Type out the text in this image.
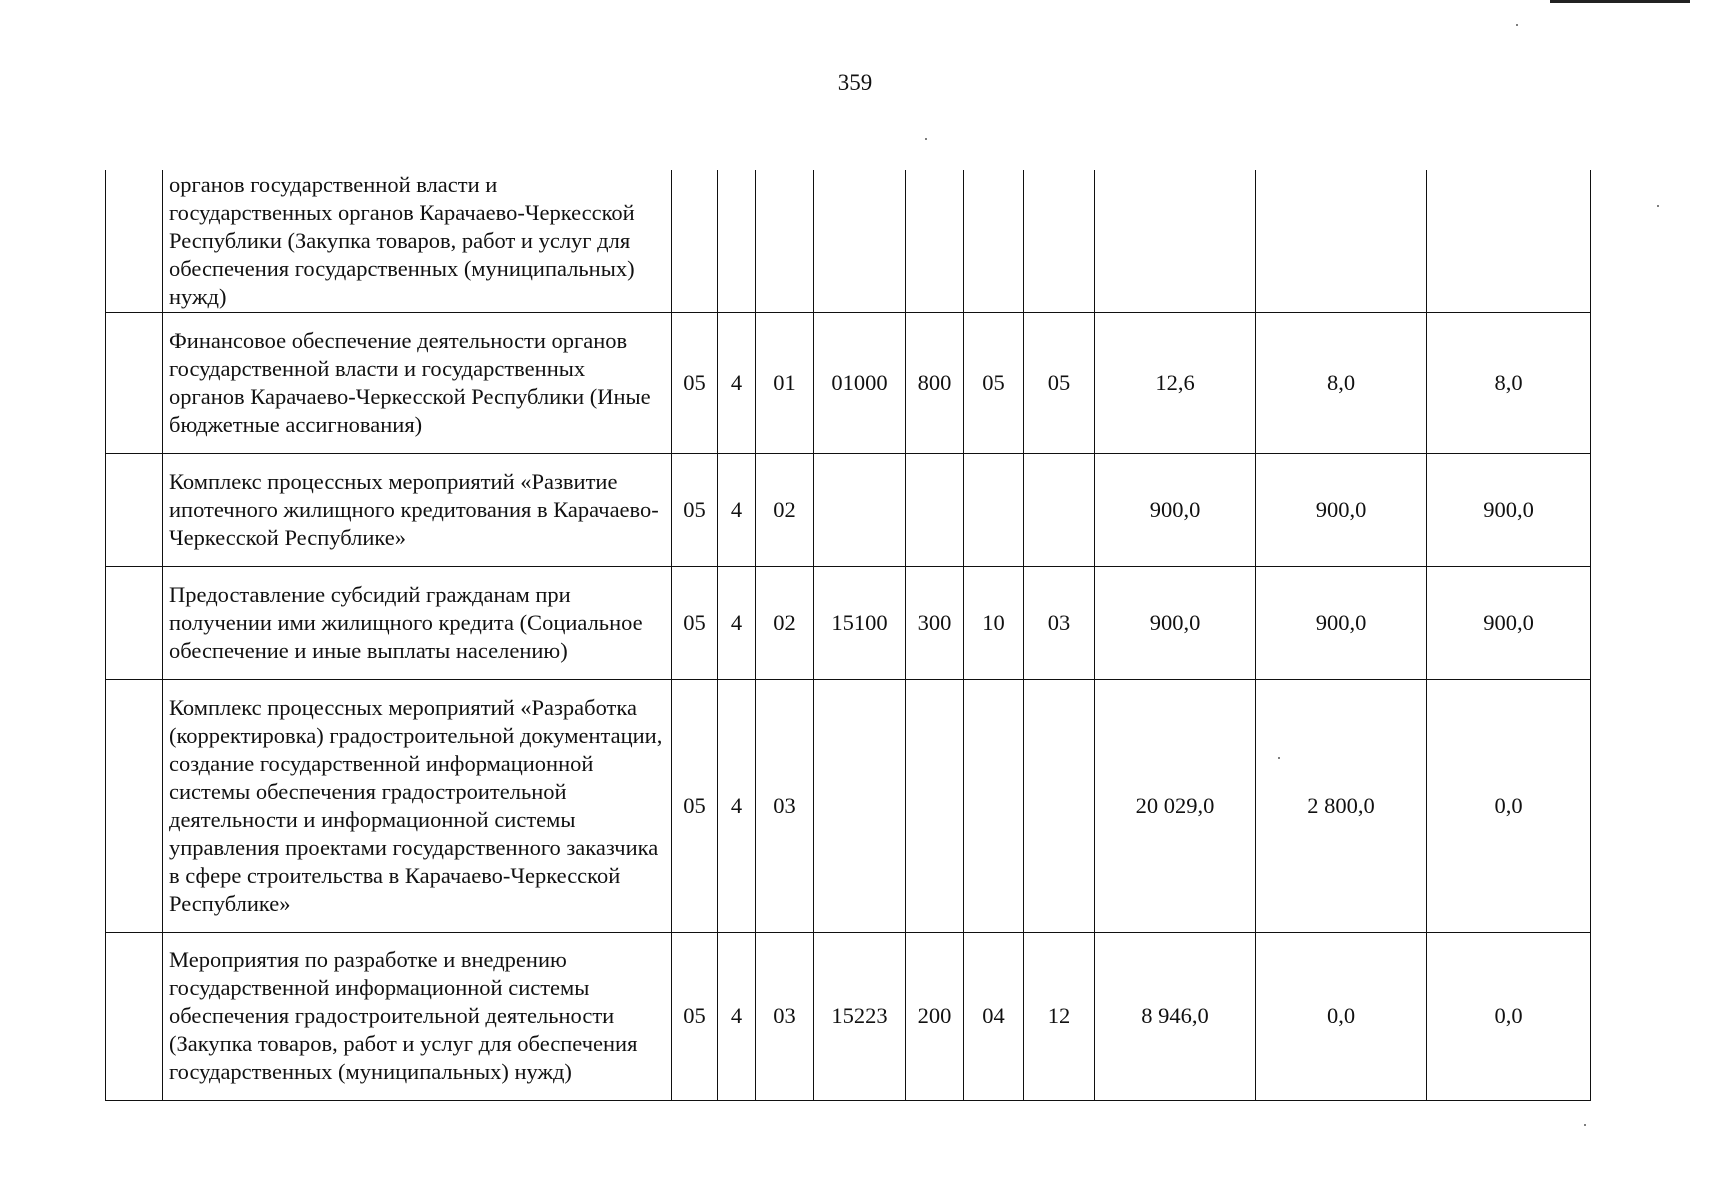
359
	органов государственной власти и государственных органов Карачаево-Черкесской Республики (Закупка товаров, работ и услуг для обеспечения государственных (муниципальных) нужд)										
	Финансовое обеспечение деятельности органов государственной власти и государственных органов Карачаево-Черкесской Республики (Иные бюджетные ассигнования)	05	4	01	01000	800	05	05	12,6	8,0	8,0
	Комплекс процессных мероприятий «Развитие ипотечного жилищного кредитования в Карачаево-Черкесской Республике»	05	4	02					900,0	900,0	900,0
	Предоставление субсидий гражданам при получении ими жилищного кредита (Социальное обеспечение и иные выплаты населению)	05	4	02	15100	300	10	03	900,0	900,0	900,0
	Комплекс процессных мероприятий «Разработка (корректировка) градостроительной документации, создание государственной информационной системы обеспечения градостроительной деятельности и информационной системы управления проектами государственного заказчика в сфере строительства в Карачаево-Черкесской Республике»	05	4	03					20 029,0	2 800,0	0,0
	Мероприятия по разработке и внедрению государственной информационной системы обеспечения градостроительной деятельности (Закупка товаров, работ и услуг для обеспечения государственных (муниципальных) нужд)	05	4	03	15223	200	04	12	8 946,0	0,0	0,0
